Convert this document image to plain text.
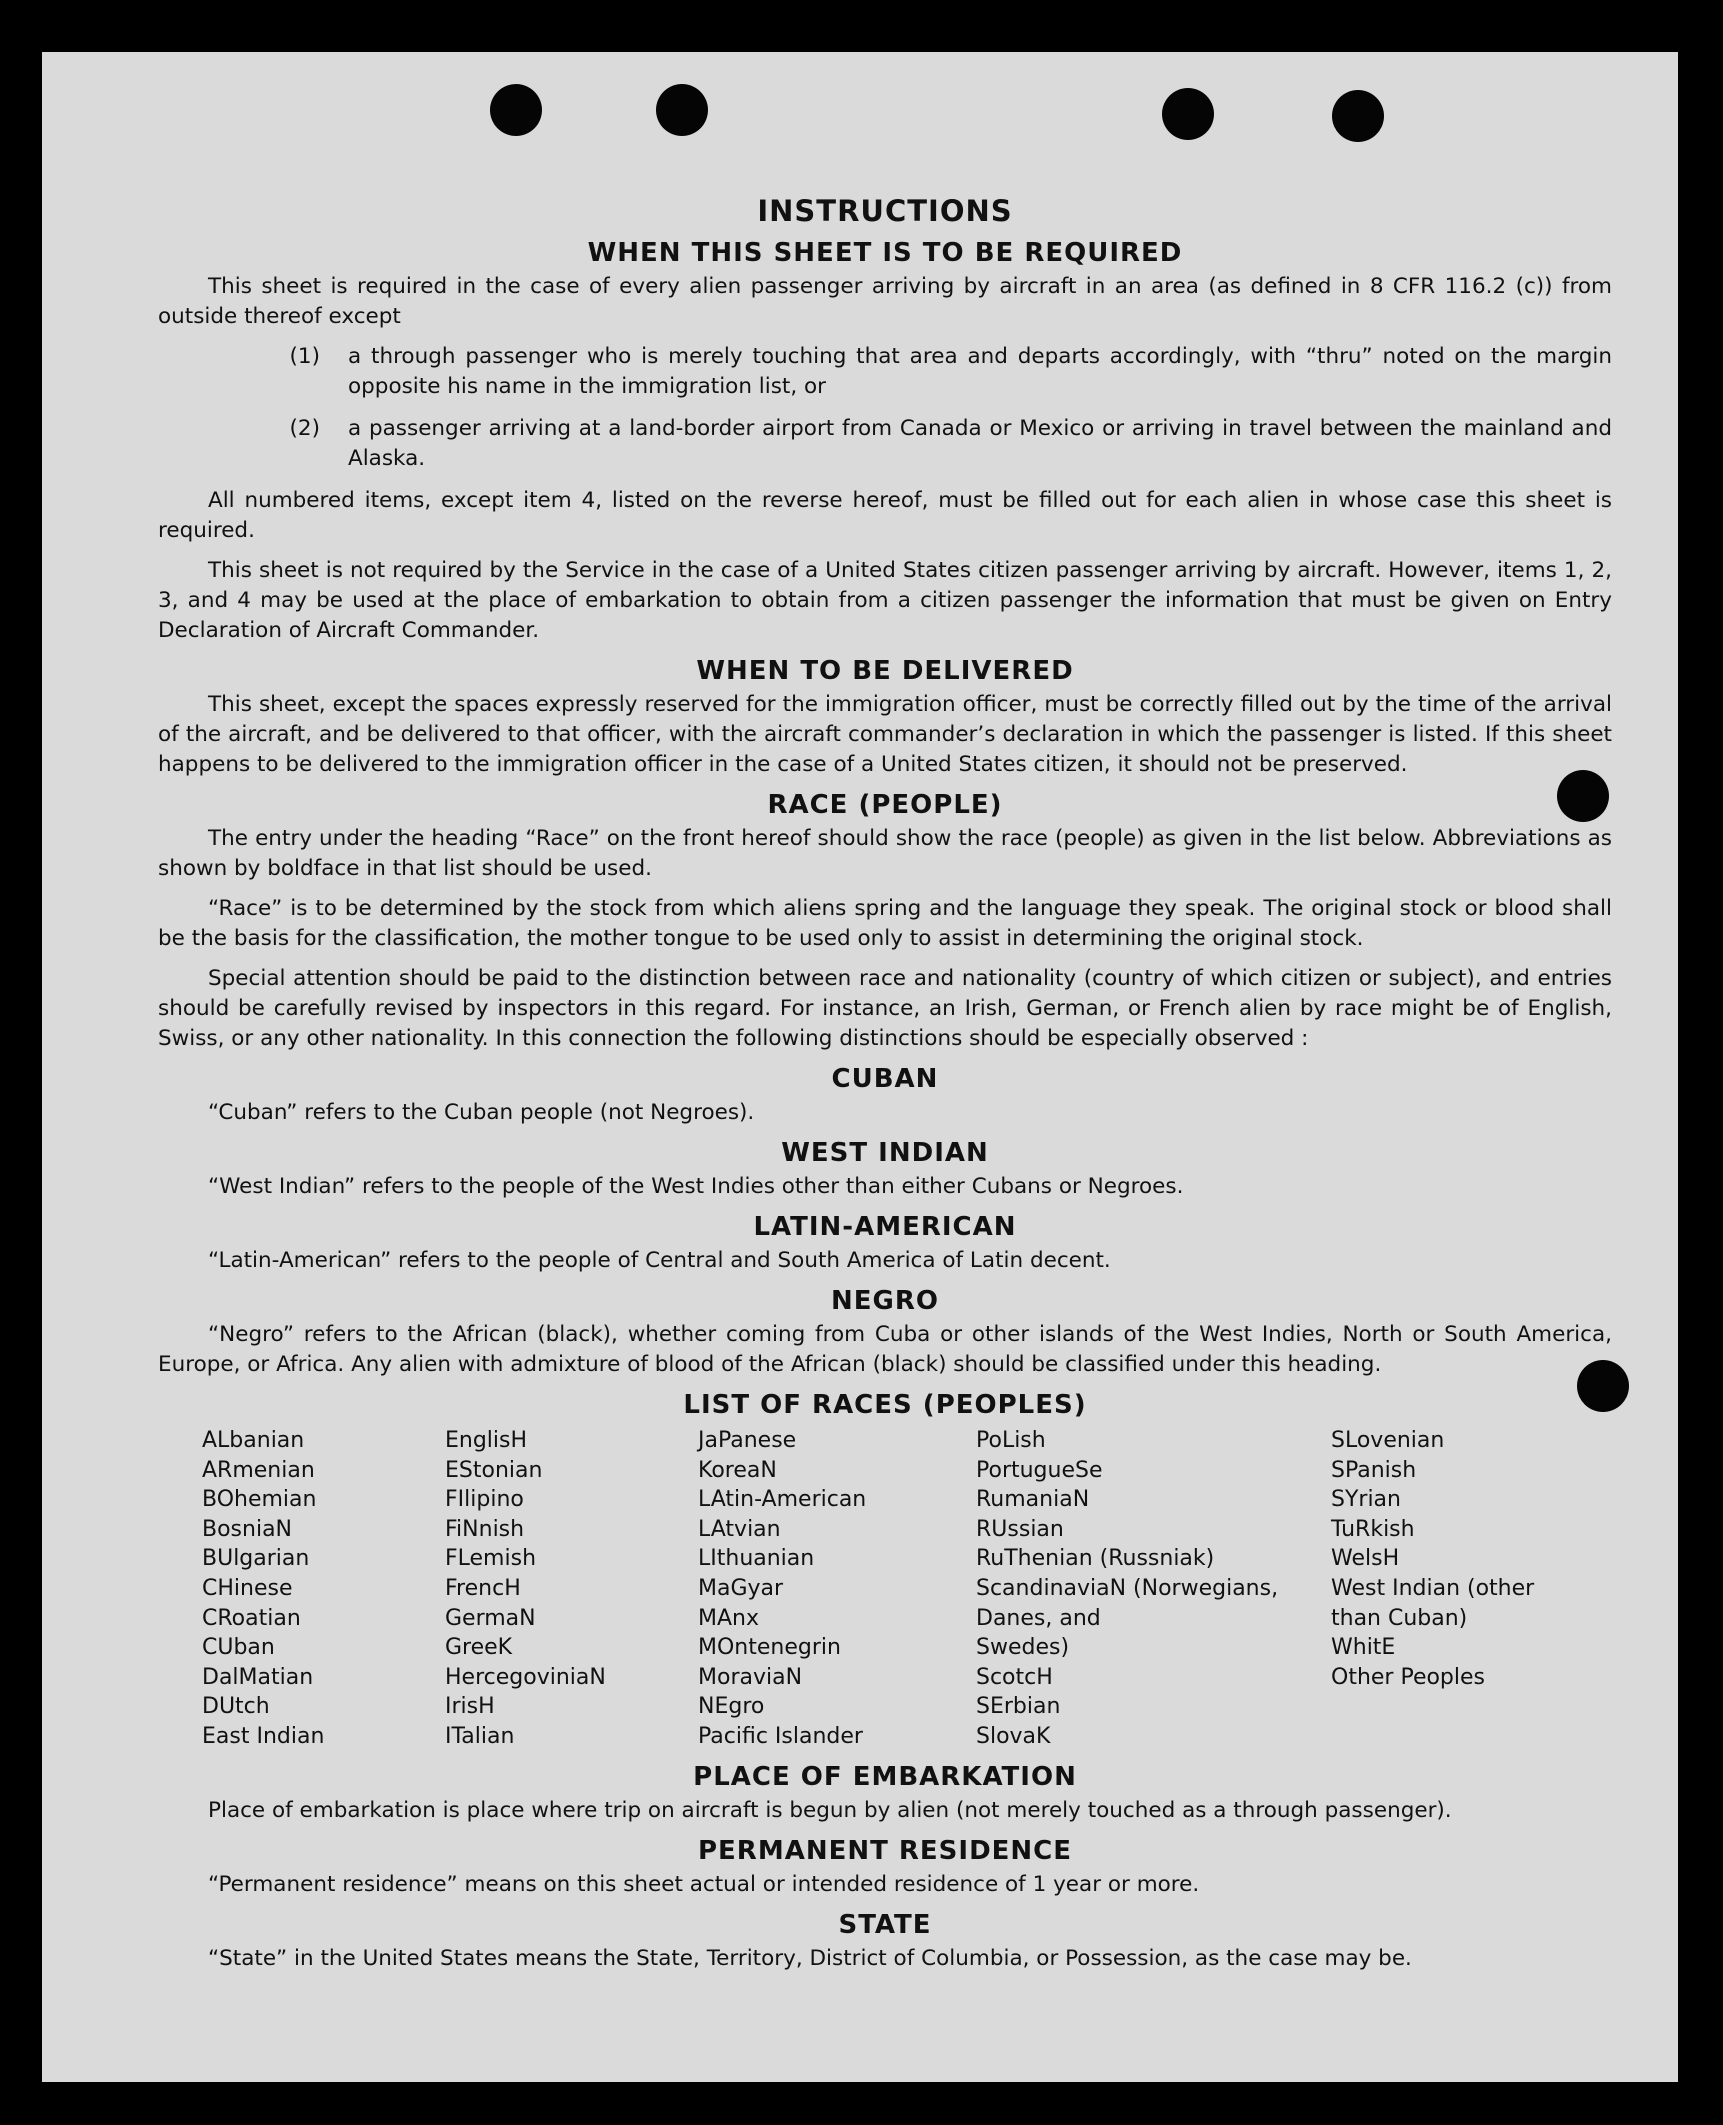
INSTRUCTIONS
WHEN THIS SHEET IS TO BE REQUIRED

This sheet is required in the case of every alien passenger arriving by aircraft in an area (as defined in 8 CFR 116.2 (c)) from outside thereof except

(1)	a through passenger who is merely touching that area and departs accordingly, with “thru” noted on the margin opposite his name in the immigration list, or
(2)	a passenger arriving at a land-border airport from Canada or Mexico or arriving in travel between the mainland and Alaska.

All numbered items, except item 4, listed on the reverse hereof, must be filled out for each alien in whose case this sheet is required.

This sheet is not required by the Service in the case of a United States citizen passenger arriving by aircraft. However, items 1, 2, 3, and 4 may be used at the place of embarkation to obtain from a citizen passenger the information that must be given on Entry Declaration of Aircraft Commander.

WHEN TO BE DELIVERED

This sheet, except the spaces expressly reserved for the immigration officer, must be correctly filled out by the time of the arrival of the aircraft, and be delivered to that officer, with the aircraft commander’s declaration in which the passenger is listed. If this sheet happens to be delivered to the immigration officer in the case of a United States citizen, it should not be preserved.

RACE (PEOPLE)

The entry under the heading “Race” on the front hereof should show the race (people) as given in the list below. Abbreviations as shown by boldface in that list should be used.

“Race” is to be determined by the stock from which aliens spring and the language they speak. The original stock or blood shall be the basis for the classification, the mother tongue to be used only to assist in determining the original stock.

Special attention should be paid to the distinction between race and nationality (country of which citizen or subject), and entries should be carefully revised by inspectors in this regard. For instance, an Irish, German, or French alien by race might be of English, Swiss, or any other nationality. In this connection the following distinctions should be especially observed :

CUBAN

“Cuban” refers to the Cuban people (not Negroes).

WEST INDIAN

“West Indian” refers to the people of the West Indies other than either Cubans or Negroes.

LATIN-AMERICAN

“Latin-American” refers to the people of Central and South America of Latin decent.

NEGRO

“Negro” refers to the African (black), whether coming from Cuba or other islands of the West Indies, North or South America, Europe, or Africa. Any alien with admixture of blood of the African (black) should be classified under this heading.

LIST OF RACES (PEOPLES)
ALbanian
ARmenian
BOhemian
BosniaN
BUlgarian
CHinese
CRoatian
CUban
DalMatian
DUtch
East Indian
EnglisH
EStonian
FIlipino
FiNnish
FLemish
FrencH
GermaN
GreeK
HercegoviniaN
IrisH
ITalian
JaPanese
KoreaN
LAtin-American
LAtvian
LIthuanian
MaGyar
MAnx
MOntenegrin
MoraviaN
NEgro
Pacific Islander
PoLish
PortugueSe
RumaniaN
RUssian
RuThenian (Russniak)
ScandinaviaN (Norwegians,
Danes, and
Swedes)
ScotcH
SErbian
SlovaK
SLovenian
SPanish
SYrian
TuRkish
WelsH
West Indian (other
than Cuban)
WhitE
Other Peoples
PLACE OF EMBARKATION

Place of embarkation is place where trip on aircraft is begun by alien (not merely touched as a through passenger).

PERMANENT RESIDENCE

“Permanent residence” means on this sheet actual or intended residence of 1 year or more.

STATE

“State” in the United States means the State, Territory, District of Columbia, or Possession, as the case may be.
